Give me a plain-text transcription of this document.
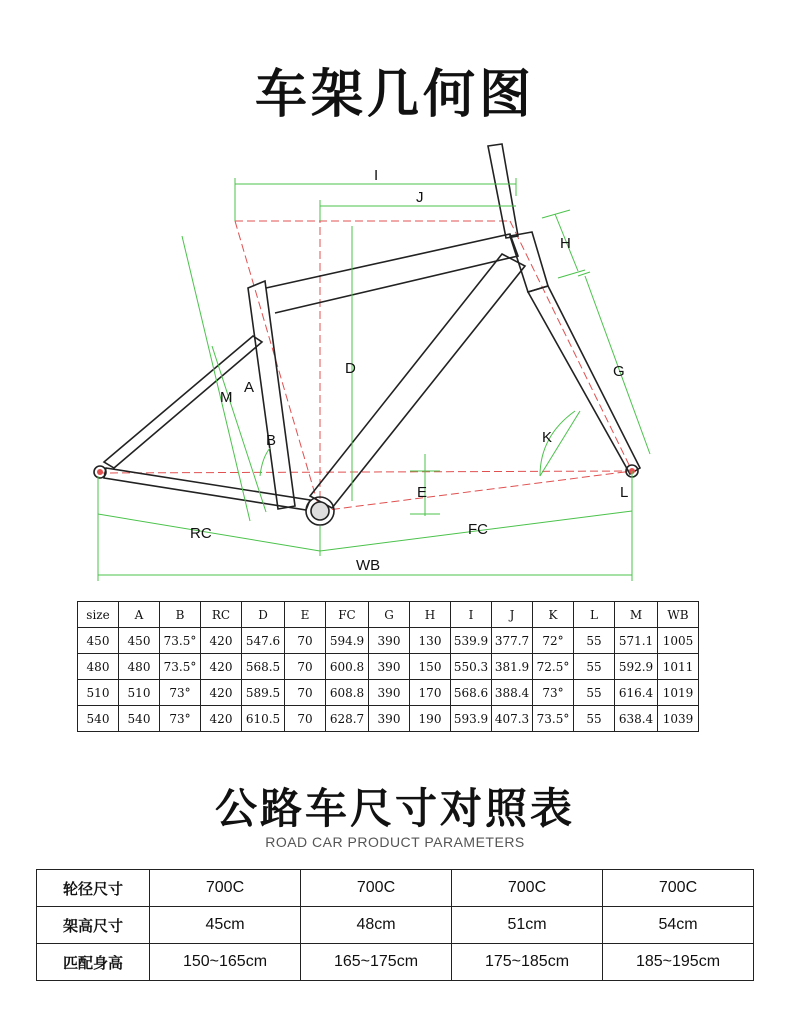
车架几何图
I
J
H
D	G
M
A
B	K
E	L
RC	FC
WB
size	A	B	RC	D	E	FC	G	H	I	J	K	L	M	WB
450	450	73.5°	420	547.6	70	594.9	390	130	539.9	377.7	72°	55	571.1	1005
480	480	73.5°	420	568.5	70	600.8	390	150	550.3	381.9	72.5°	55	592.9	1011
510	510	73°	420	589.5	70	608.8	390	170	568.6	388.4	73°	55	616.4	1019
540	540	73°	420	610.5	70	628.7	390	190	593.9	407.3	73.5°	55	638.4	1039
公路车尺寸对照表
ROAD CAR PRODUCT PARAMETERS
轮径尺寸	700C	700C	700C	700C
架高尺寸	45cm	48cm	51cm	54cm
匹配身高	150~165cm	165~175cm	175~185cm	185~195cm
